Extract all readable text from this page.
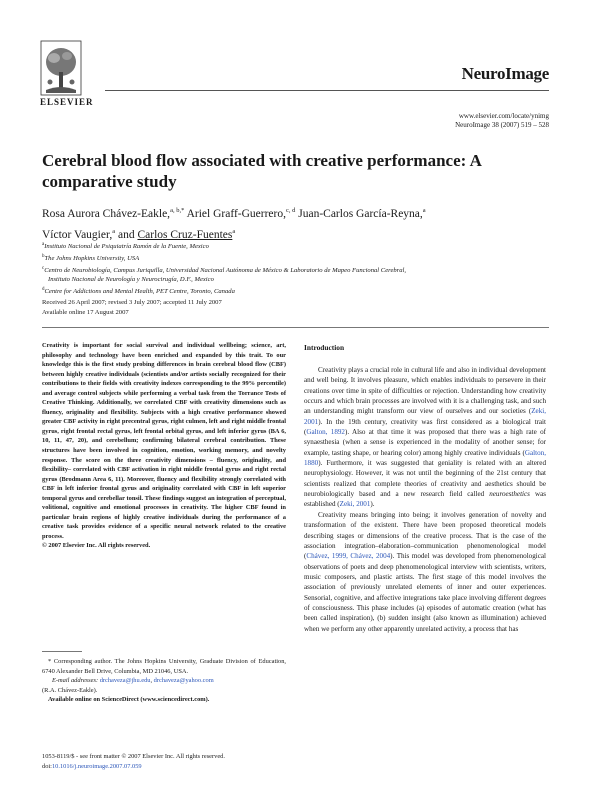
ELSEVIER
NeuroImage
www.elsevier.com/locate/ynimg
NeuroImage 38 (2007) 519 – 528
Cerebral blood flow associated with creative performance: A comparative study
Rosa Aurora Chávez-Eakle,$^{a, b,*}$ Ariel Graff-Guerrero,$^{c, d}$ Juan-Carlos García-Reyna,$^a$
Víctor Vaugier,$^a$ and Carlos Cruz-Fuentes$^a$
$^a$Instituto Nacional de Psiquiatría Ramón de la Fuente, Mexico
$^b$The Johns Hopkins University, USA
$^c$Centro de Neurobiología, Campus Juriquilla, Universidad Nacional Autónoma de México & Laboratorio de Mapeo Funcional Cerebral,
Instituto Nacional de Neurología y Neurocirugía, D.F., Mexico
$^d$Centre for Addictions and Mental Health, PET Centre, Toronto, Canada
Received 26 April 2007; revised 3 July 2007; accepted 11 July 2007
Available online 17 August 2007
Creativity is important for social survival and individual wellbeing; science, art, philosophy and technology have been enriched and expanded by this trait. To our knowledge this is the first study probing differences in brain cerebral blood flow (CBF) between highly creative individuals (scientists and/or artists socially recognized for their contributions to their fields with creativity indexes corresponding to the 99% percentile) and average control subjects while performing a verbal task from the Torrance Tests of Creative Thinking. Additionally, we correlated CBF with creativity dimensions such as fluency, originality and flexibility. Subjects with a high creative performance showed greater CBF activity in right precentral gyrus, right culmen, left and right middle frontal gyrus, right frontal rectal gyrus, left frontal orbital gyrus, and left inferior gyrus (BA 6, 10, 11, 47, 20), and cerebellum; confirming bilateral cerebral contribution. These structures have been involved in cognition, emotion, working memory, and novelty response. The score on the three creativity dimensions – fluency, originality, and flexibility– correlated with CBF activation in right middle frontal gyrus and right rectal gyrus (Brodmann Area 6, 11). Moreover, fluency and flexibility strongly correlated with CBF in left inferior frontal gyrus and originality correlated with CBF in left superior temporal gyrus and cerebellar tonsil. These findings suggest an integration of perceptual, volitional, cognitive and emotional processes in creativity. The higher CBF found in particular brain regions of highly creative individuals during the performance of a creative task provides evidence of a specific neural network related to the creative process.
© 2007 Elsevier Inc. All rights reserved.
* Corresponding author. The Johns Hopkins University, Graduate Division of Education, 6740 Alexander Bell Drive, Columbia, MD 21046, USA.
E-mail addresses: drchaveza@jhu.edu, drchaveza@yahoo.com
(R.A. Chávez-Eakle).
Available online on ScienceDirect (www.sciencedirect.com).
1053-8119/$ - see front matter © 2007 Elsevier Inc. All rights reserved.
doi:10.1016/j.neuroimage.2007.07.059
Introduction

Creativity plays a crucial role in cultural life and also in individual development and well being. It involves pleasure, which enables individuals to persevere in their creations over time in spite of difficulties or rejection. Understanding how creativity occurs and which brain processes are involved with it is a challenging task, and such an understanding might transform our view of ourselves and our societies (Zeki, 2001). In the 19th century, creativity was first considered as a biological trait (Galton, 1892). Also at that time it was proposed that there was a high rate of synaesthesia (when a sense is experienced in the modality of another sense; for example, tasting shape, or hearing color) among highly creative individuals (Galton, 1880). Furthermore, it was suggested that geniality is related with an altered neurophysiology. However, it was not until the beginning of the 21st century that scientists realized that complete theories of creativity and aesthetics should be neurobiologically based and a new research field called neuroesthetics was established (Zeki, 2001).

Creativity means bringing into being; it involves generation of novelty and transformation of the existent. There have been proposed theoretical models describing stages or dimensions of the creative process. That is the case of the association integration–elaboration–communication phenomenological model (Chávez, 1999, Chávez, 2004). This model was developed from phenomenological observations of poets and deep phenomenological interview with scientists, writers, music composers, and plastic artists. The first stage of this model involves the association of previously unrelated elements of inner and outer experiences. Sensorial, cognitive, and affective integrations take place involving different degrees of consciousness. This phase includes (a) episodes of automatic creation (what has been called inspiration), (b) sudden insight (also known as illumination) achieved when we perform any other apparently unrelated activity, a process that has
